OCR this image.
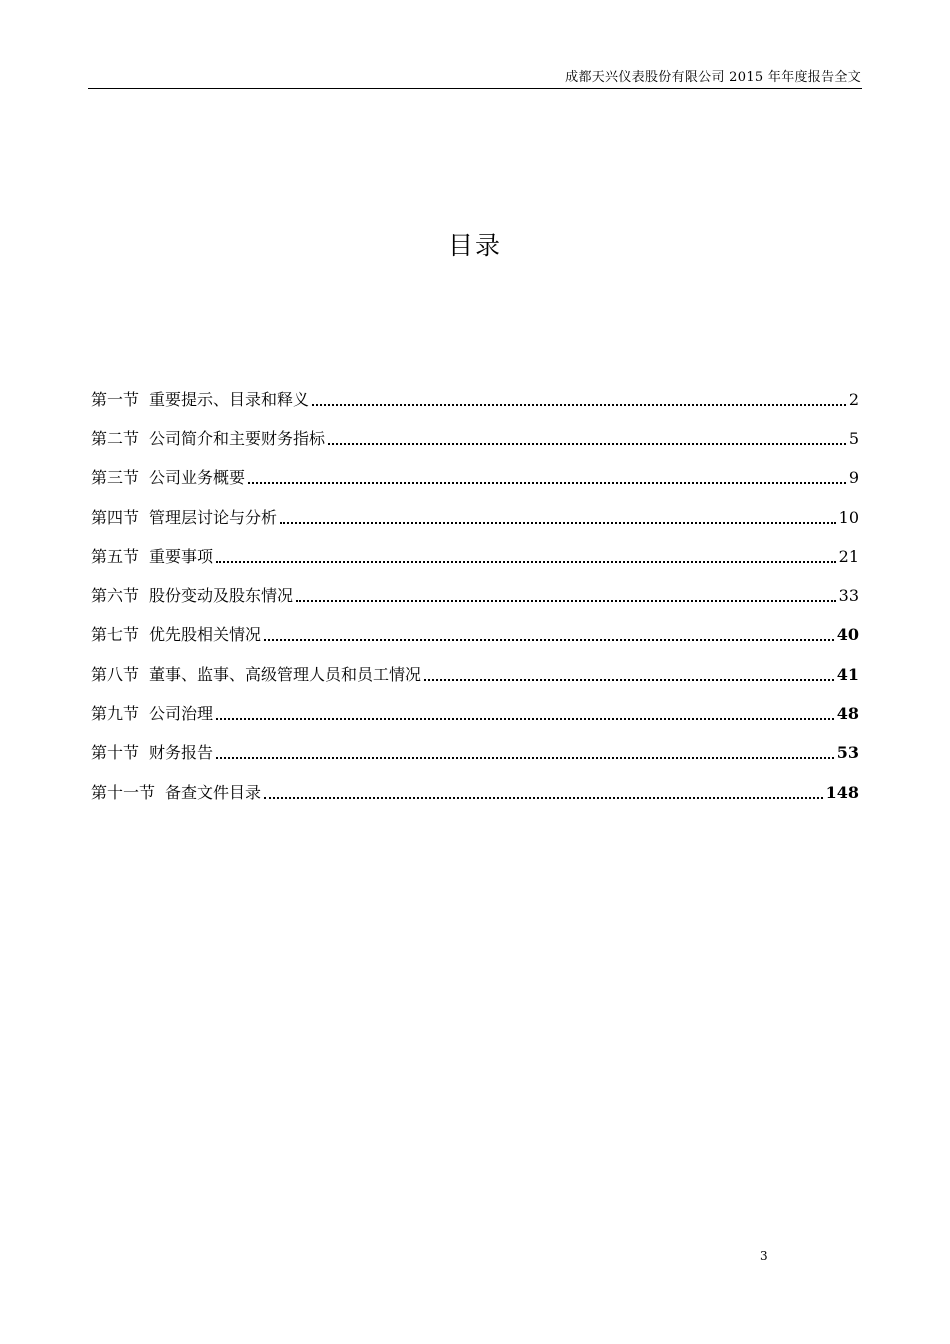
成都天兴仪表股份有限公司 2015 年年度报告全文
目录
第一节 重要提示、目录和释义	2
第二节 公司简介和主要财务指标	5
第三节 公司业务概要	9
第四节 管理层讨论与分析	10
第五节 重要事项	21
第六节 股份变动及股东情况	33
第七节 优先股相关情况	40
第八节 董事、监事、高级管理人员和员工情况	41
第九节 公司治理	48
第十节 财务报告	53
第十一节 备查文件目录	148
3
